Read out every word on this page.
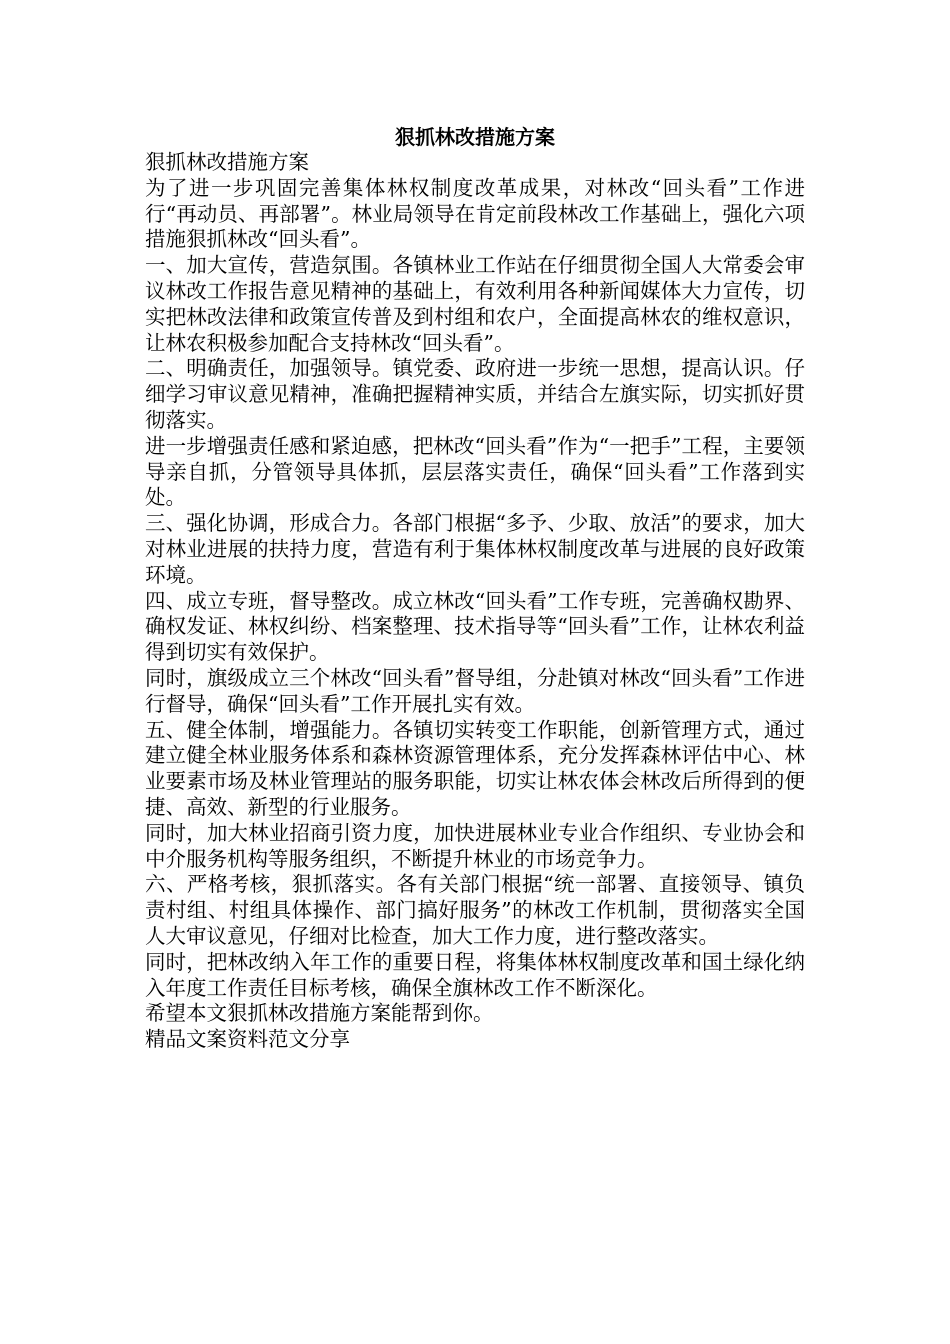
狠抓林改措施方案

狠抓林改措施方案

为了进一步巩固完善集体林权制度改革成果，对林改“回头看”工作进行“再动员、再部署”。林业局领导在肯定前段林改工作基础上，强化六项措施狠抓林改“回头看”。

一、加大宣传，营造氛围。各镇林业工作站在仔细贯彻全国人大常委会审议林改工作报告意见精神的基础上，有效利用各种新闻媒体大力宣传，切实把林改法律和政策宣传普及到村组和农户，全面提高林农的维权意识，让林农积极参加配合支持林改“回头看”。

二、明确责任，加强领导。镇党委、政府进一步统一思想，提高认识。仔细学习审议意见精神，准确把握精神实质，并结合左旗实际，切实抓好贯彻落实。

进一步增强责任感和紧迫感，把林改“回头看”作为“一把手”工程，主要领导亲自抓，分管领导具体抓，层层落实责任，确保“回头看”工作落到实处。

三、强化协调，形成合力。各部门根据“多予、少取、放活”的要求，加大对林业进展的扶持力度，营造有利于集体林权制度改革与进展的良好政策环境。

四、成立专班，督导整改。成立林改“回头看”工作专班，完善确权勘界、确权发证、林权纠纷、档案整理、技术指导等“回头看”工作，让林农利益得到切实有效保护。

同时，旗级成立三个林改“回头看”督导组，分赴镇对林改“回头看”工作进行督导，确保“回头看”工作开展扎实有效。

五、健全体制，增强能力。各镇切实转变工作职能，创新管理方式，通过建立健全林业服务体系和森林资源管理体系，充分发挥森林评估中心、林业要素市场及林业管理站的服务职能，切实让林农体会林改后所得到的便捷、高效、新型的行业服务。

同时，加大林业招商引资力度，加快进展林业专业合作组织、专业协会和中介服务机构等服务组织，不断提升林业的市场竞争力。

六、严格考核，狠抓落实。各有关部门根据“统一部署、直接领导、镇负责村组、村组具体操作、部门搞好服务”的林改工作机制，贯彻落实全国人大审议意见，仔细对比检查，加大工作力度，进行整改落实。

同时，把林改纳入年工作的重要日程，将集体林权制度改革和国土绿化纳入年度工作责任目标考核，确保全旗林改工作不断深化。

希望本文狠抓林改措施方案能帮到你。

精品文案资料范文分享
